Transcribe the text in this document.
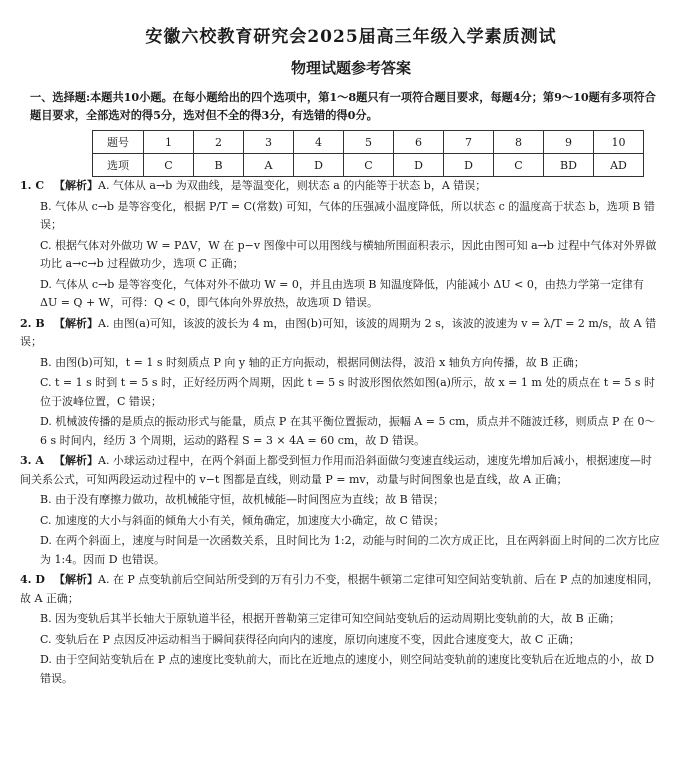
安徽六校教育研究会2025届高三年级入学素质测试
物理试题参考答案
一、选择题:本题共10小题。在每小题给出的四个选项中，第1～8题只有一项符合题目要求，每题4分；第9～10题有多项符合题目要求，全部选对的得5分，选对但不全的得3分，有选错的得0分。
题号	1	2	3	4	5	6	7	8	9	10
选项	C	B	A	D	C	D	D	C	BD	AD

1. C 【解析】A. 气体从 a→b 为双曲线，是等温变化，则状态 a 的内能等于状态 b，A 错误；

B. 气体从 c→b 是等容变化，根据 P/T = C(常数) 可知，气体的压强减小温度降低，所以状态 c 的温度高于状态 b，选项 B 错误；

C. 根据气体对外做功 W = PΔV，W 在 p−v 图像中可以用图线与横轴所围面积表示，因此由图可知 a→b 过程中气体对外界做功比 a→c→b 过程做功少，选项 C 正确；

D. 气体从 c→b 是等容变化，气体对外不做功 W = 0，并且由选项 B 知温度降低，内能减小 ΔU < 0，由热力学第一定律有 ΔU = Q + W，可得：Q < 0，即气体向外界放热，故选项 D 错误。

2. B 【解析】A. 由图(a)可知，该波的波长为 4 m，由图(b)可知，该波的周期为 2 s，该波的波速为 v = λ/T = 2 m/s，故 A 错误；

B. 由图(b)可知，t = 1 s 时刻质点 P 向 y 轴的正方向振动，根据同侧法得，波沿 x 轴负方向传播，故 B 正确；

C. t = 1 s 时到 t = 5 s 时，正好经历两个周期，因此 t = 5 s 时波形图依然如图(a)所示，故 x = 1 m 处的质点在 t = 5 s 时位于波峰位置，C 错误；

D. 机械波传播的是质点的振动形式与能量，质点 P 在其平衡位置振动，振幅 A = 5 cm，质点并不随波迁移，则质点 P 在 0～6 s 时间内，经历 3 个周期，运动的路程 S = 3 × 4A = 60 cm，故 D 错误。

3. A 【解析】A. 小球运动过程中，在两个斜面上都受到恒力作用而沿斜面做匀变速直线运动，速度先增加后减小，根据速度—时间关系公式，可知两段运动过程中的 v−t 图都是直线，则动量 P = mv，动量与时间图象也是直线，故 A 正确；

B. 由于没有摩擦力做功，故机械能守恒，故机械能—时间图应为直线；故 B 错误；

C. 加速度的大小与斜面的倾角大小有关，倾角确定，加速度大小确定，故 C 错误；

D. 在两个斜面上，速度与时间是一次函数关系，且时间比为 1:2，动能与时间的二次方成正比，且在两斜面上时间的二次方比应为 1:4。因而 D 也错误。

4. D 【解析】A. 在 P 点变轨前后空间站所受到的万有引力不变，根据牛顿第二定律可知空间站变轨前、后在 P 点的加速度相同，故 A 正确；

B. 因为变轨后其半长轴大于原轨道半径，根据开普勒第三定律可知空间站变轨后的运动周期比变轨前的大，故 B 正确；

C. 变轨后在 P 点因反冲运动相当于瞬间获得径向向内的速度，原切向速度不变，因此合速度变大，故 C 正确；

D. 由于空间站变轨后在 P 点的速度比变轨前大，而比在近地点的速度小，则空间站变轨前的速度比变轨后在近地点的小，故 D 错误。
